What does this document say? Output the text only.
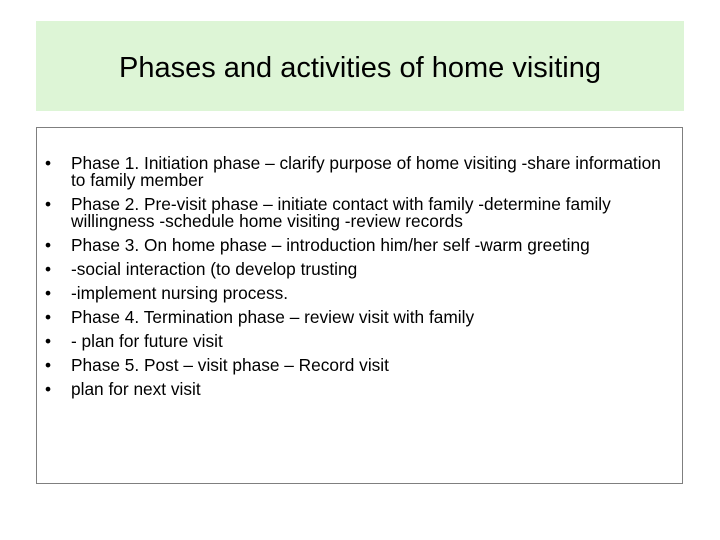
Phases and activities of home visiting
•	Phase 1. Initiation phase – clarify purpose of home visiting -share information to family member
•	Phase 2. Pre-visit phase – initiate contact with family -determine family willingness -schedule home visiting -review records
•	Phase 3. On home phase – introduction him/her self -warm greeting
•	-social interaction (to develop trusting
•	-implement nursing process.
•	Phase 4. Termination phase – review visit with family
•	- plan for future visit
•	Phase 5. Post – visit phase – Record visit
•	plan for next visit
